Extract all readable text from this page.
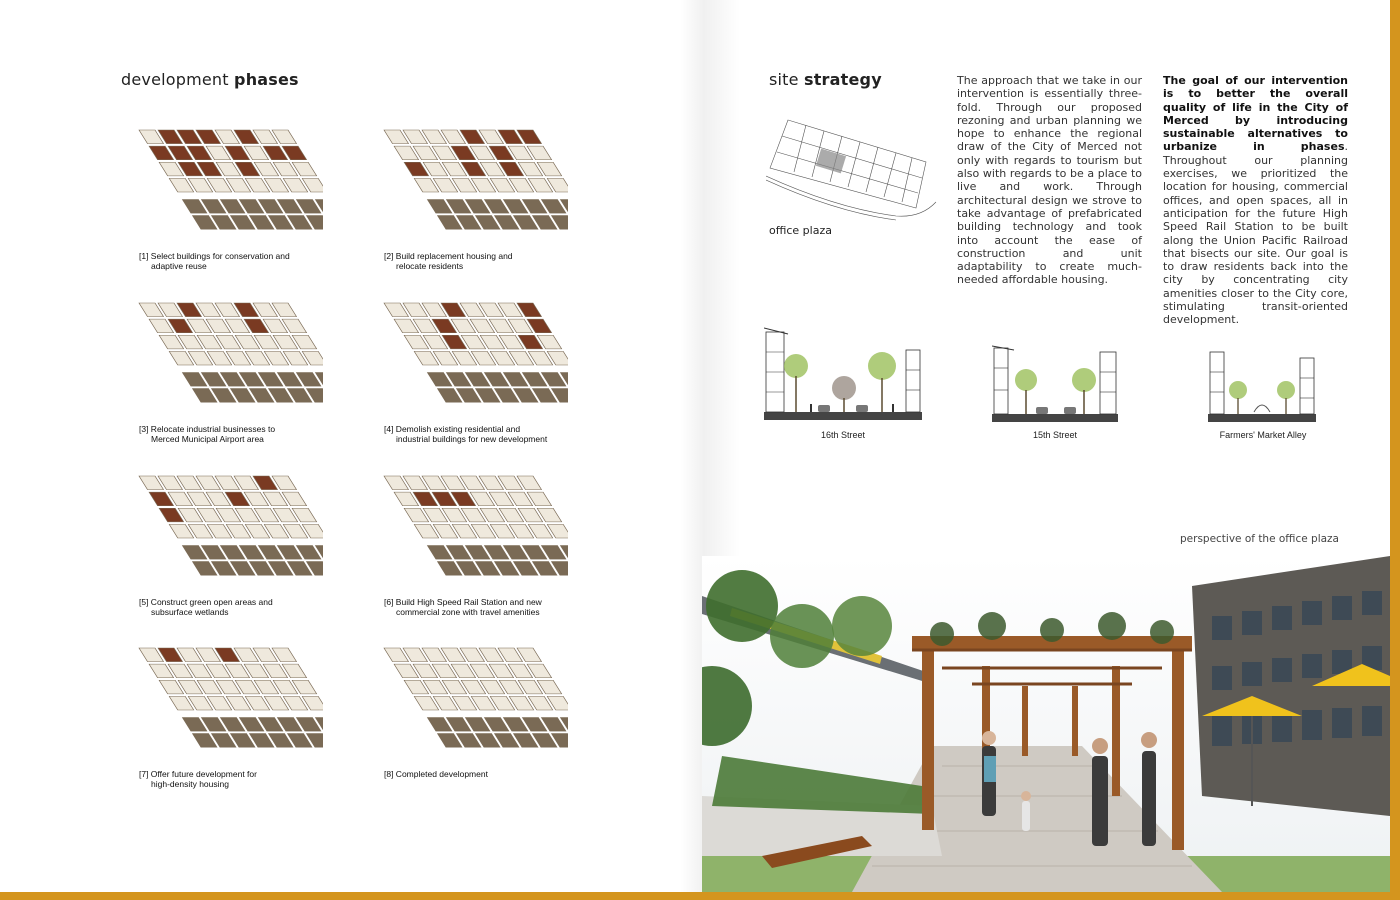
development phases
[1] Select buildings for conservation and
adaptive reuse
[2] Build replacement housing and
relocate residents
[3] Relocate industrial businesses to
Merced Municipal Airport area
[4] Demolish existing residential and
industrial buildings for new development
[5] Construct green open areas and
subsurface wetlands
[6] Build High Speed Rail Station and new
commercial zone with travel amenities
[7] Offer future development for
high-density housing
[8] Completed development
site strategy
office plaza
The approach that we take in our intervention is essentially three-fold. Through our proposed rezoning and urban planning we hope to enhance the regional draw of the City of Merced not only with regards to tourism but also with regards to be a place to live and work. Through architectural design we strove to take advantage of prefabricated building technology and took into account the ease of construction and unit adaptability to create much-needed affordable housing.
The goal of our intervention is to better the overall quality of life in the City of Merced by introducing sustainable alternatives to urbanize in phases. Throughout our planning exercises, we prioritized the location for housing, commercial offices, and open spaces, all in anticipation for the future High Speed Rail Station to be built along the Union Pacific Railroad that bisects our site. Our goal is to draw residents back into the city by concentrating city amenities closer to the City core, stimulating transit-oriented development.
16th Street	15th Street	Farmers' Market Alley
perspective of the office plaza
